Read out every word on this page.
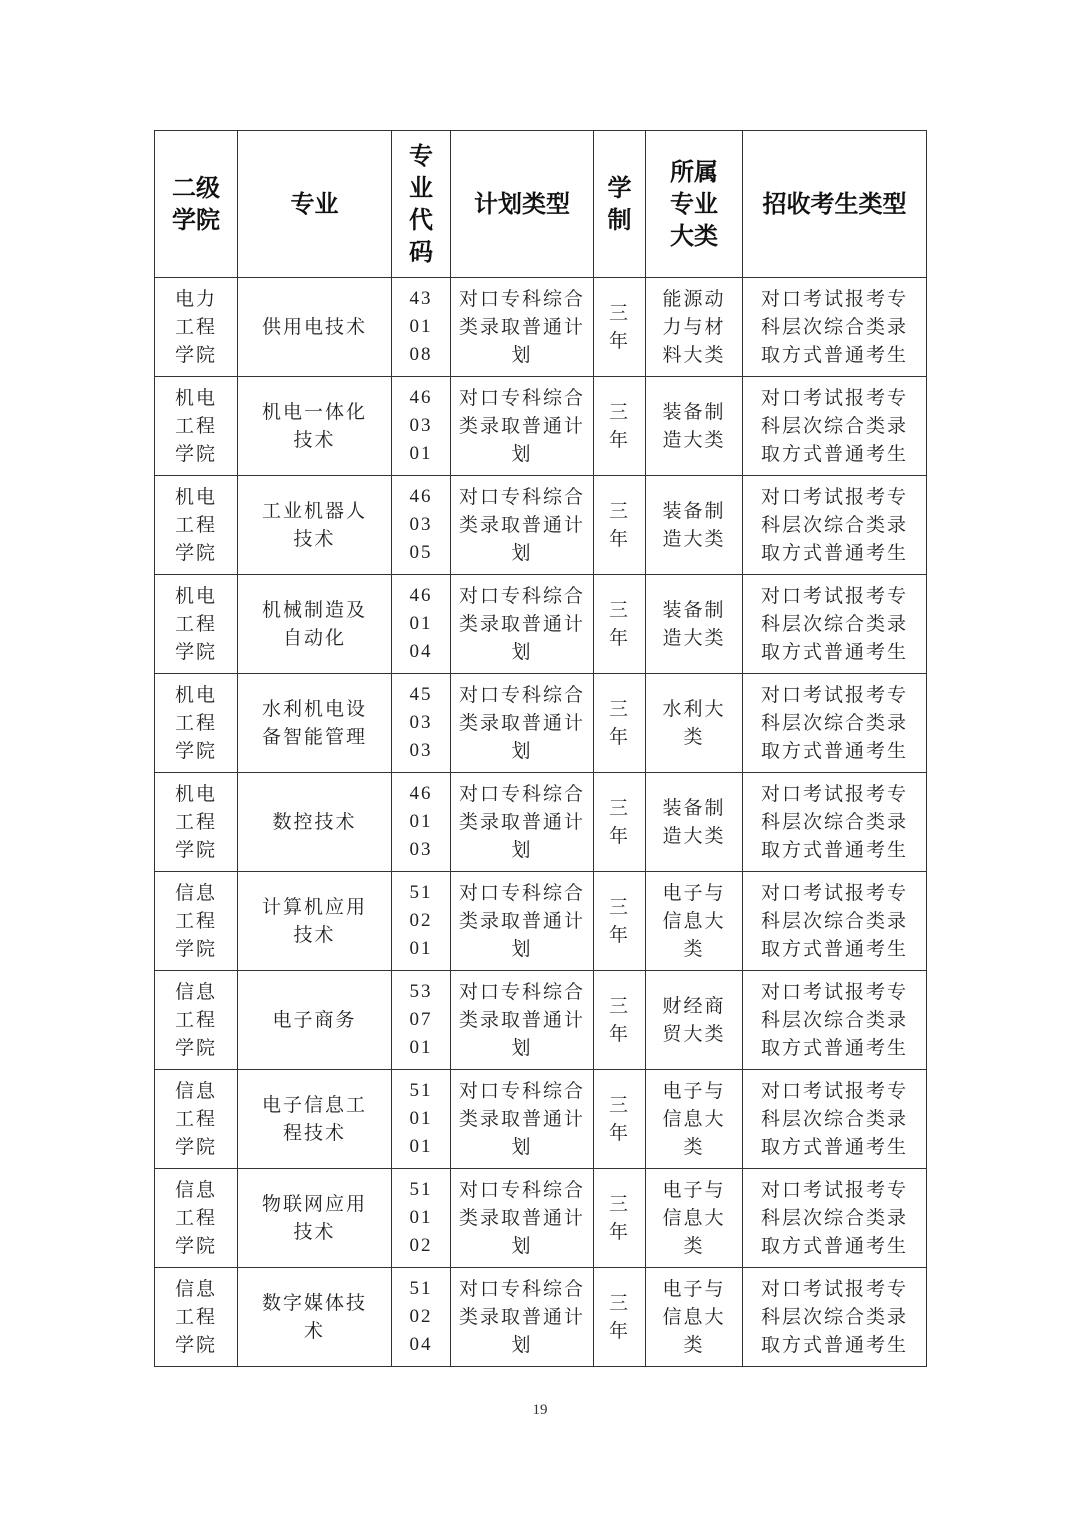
二级学院	专业	专业代码	计划类型	学制	所属专业大类	招收考生类型
电力工程学院	供用电技术	430108	对口专科综合类录取普通计划	三年	能源动力与材料大类	对口考试报考专科层次综合类录取方式普通考生
机电工程学院	机电一体化技术	460301	对口专科综合类录取普通计划	三年	装备制造大类	对口考试报考专科层次综合类录取方式普通考生
机电工程学院	工业机器人技术	460305	对口专科综合类录取普通计划	三年	装备制造大类	对口考试报考专科层次综合类录取方式普通考生
机电工程学院	机械制造及自动化	460104	对口专科综合类录取普通计划	三年	装备制造大类	对口考试报考专科层次综合类录取方式普通考生
机电工程学院	水利机电设备智能管理	450303	对口专科综合类录取普通计划	三年	水利大类	对口考试报考专科层次综合类录取方式普通考生
机电工程学院	数控技术	460103	对口专科综合类录取普通计划	三年	装备制造大类	对口考试报考专科层次综合类录取方式普通考生
信息工程学院	计算机应用技术	510201	对口专科综合类录取普通计划	三年	电子与信息大类	对口考试报考专科层次综合类录取方式普通考生
信息工程学院	电子商务	530701	对口专科综合类录取普通计划	三年	财经商贸大类	对口考试报考专科层次综合类录取方式普通考生
信息工程学院	电子信息工程技术	510101	对口专科综合类录取普通计划	三年	电子与信息大类	对口考试报考专科层次综合类录取方式普通考生
信息工程学院	物联网应用技术	510102	对口专科综合类录取普通计划	三年	电子与信息大类	对口考试报考专科层次综合类录取方式普通考生
信息工程学院	数字媒体技术	510204	对口专科综合类录取普通计划	三年	电子与信息大类	对口考试报考专科层次综合类录取方式普通考生
19
